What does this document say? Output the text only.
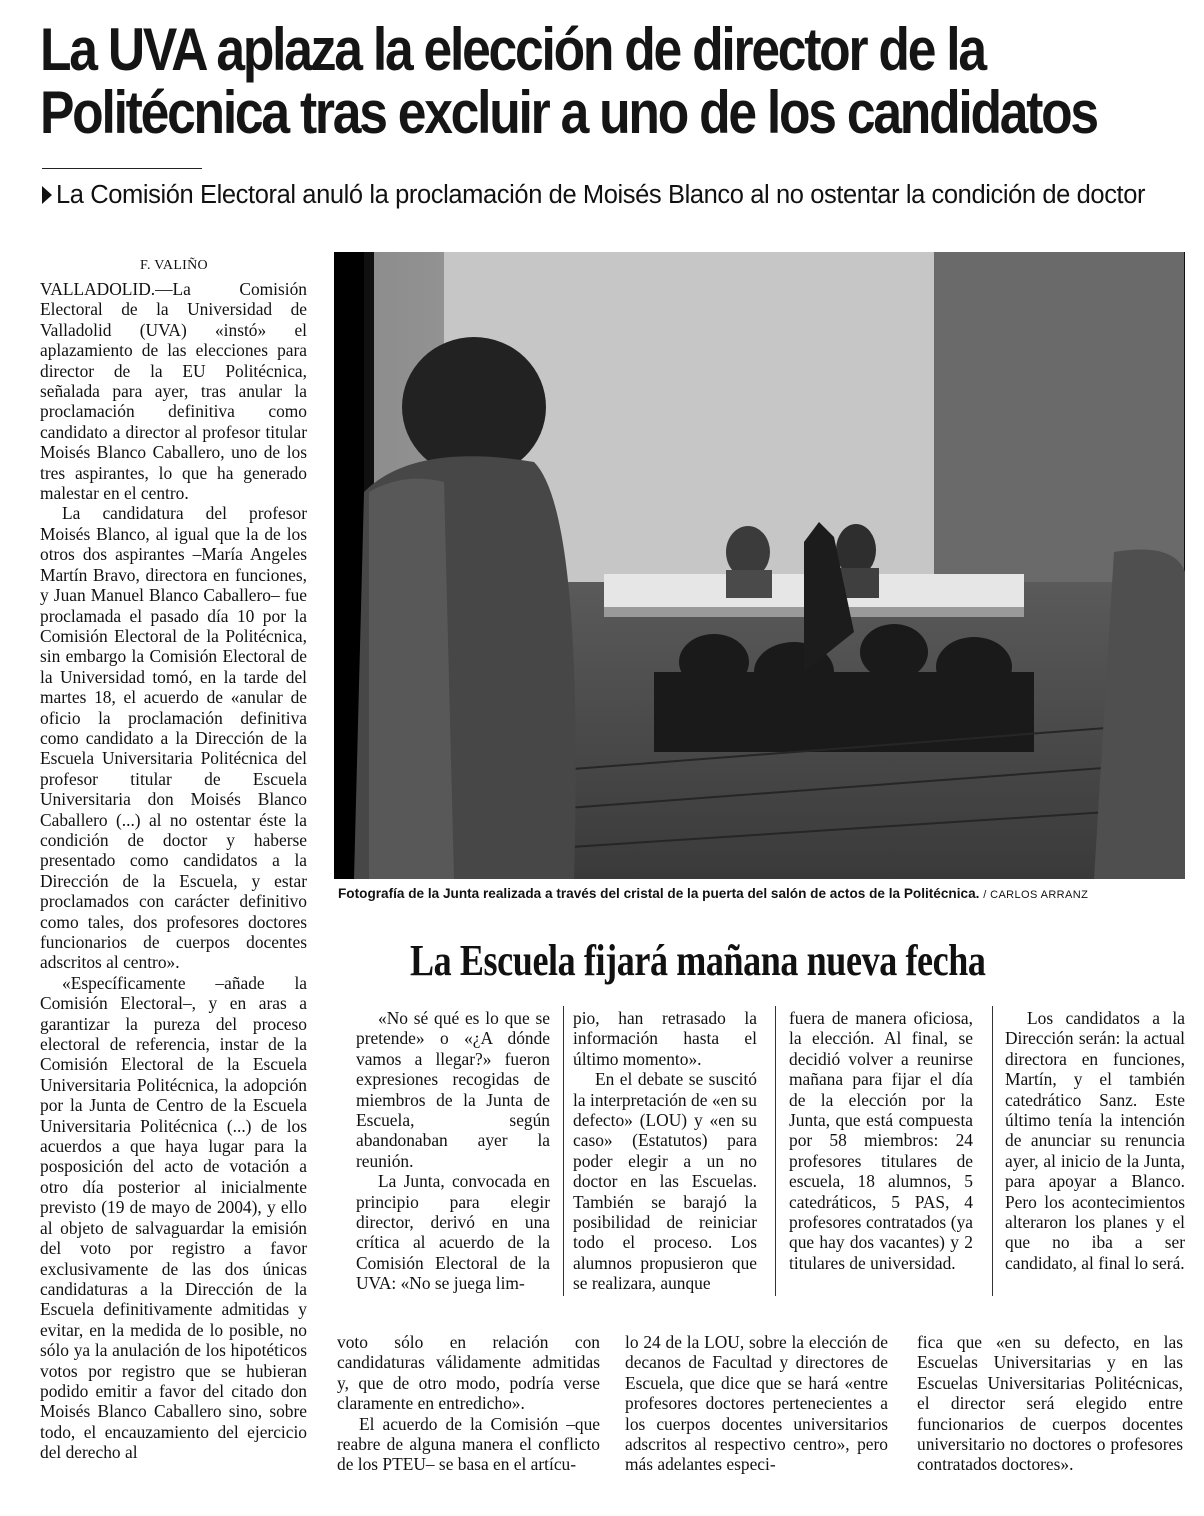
La UVA aplaza la elección de director de la
Politécnica tras excluir a uno de los candidatos
La Comisión Electoral anuló la proclamación de Moisés Blanco al no ostentar la condición de doctor
F. VALIÑO

VALLADOLID.—La Comisión Electoral de la Universidad de Valladolid (UVA) «instó» el aplazamiento de las elecciones para director de la EU Politécnica, señalada para ayer, tras anular la proclamación definitiva como candidato a director al profesor titular Moisés Blanco Caballero, uno de los tres aspirantes, lo que ha generado malestar en el centro.

La candidatura del profesor Moisés Blanco, al igual que la de los otros dos aspirantes –María Angeles Martín Bravo, directora en funciones, y Juan Manuel Blanco Caballero– fue proclamada el pasado día 10 por la Comisión Electoral de la Politécnica, sin embargo la Comisión Electoral de la Universidad tomó, en la tarde del martes 18, el acuerdo de «anular de oficio la proclamación definitiva como candidato a la Dirección de la Escuela Universitaria Politécnica del profesor titular de Escuela Universitaria don Moisés Blanco Caballero (...) al no ostentar éste la condición de doctor y haberse presentado como candidatos a la Dirección de la Escuela, y estar proclamados con carácter definitivo como tales, dos profesores doctores funcionarios de cuerpos docentes adscritos al centro».

«Específicamente –añade la Comisión Electoral–, y en aras a garantizar la pureza del proceso electoral de referencia, instar de la Comisión Electoral de la Escuela Universitaria Politécnica, la adopción por la Junta de Centro de la Escuela Universitaria Politécnica (...) de los acuerdos a que haya lugar para la posposición del acto de votación a otro día posterior al inicialmente previsto (19 de mayo de 2004), y ello al objeto de salvaguardar la emisión del voto por registro a favor exclusivamente de las dos únicas candidaturas a la Dirección de la Escuela definitivamente admitidas y evitar, en la medida de lo posible, no sólo ya la anulación de los hipotéticos votos por registro que se hubieran podido emitir a favor del citado don Moisés Blanco Caballero sino, sobre todo, el encauzamiento del ejercicio del derecho al

Fotografía de la Junta realizada a través del cristal de la puerta del salón de actos de la Politécnica. / CARLOS ARRANZ
La Escuela fijará mañana nueva fecha

«No sé qué es lo que se pretende» o «¿A dónde vamos a llegar?» fueron expresiones recogidas de miembros de la Junta de Escuela, según abandonaban ayer la reunión.

La Junta, convocada en principio para elegir director, derivó en una crítica al acuerdo de la Comisión Electoral de la UVA: «No se juega lim-

pio, han retrasado la información hasta el último momento».

En el debate se suscitó la interpretación de «en su defecto» (LOU) y «en su caso» (Estatutos) para poder elegir a un no doctor en las Escuelas. También se barajó la posibilidad de reiniciar todo el proceso. Los alumnos propusieron que se realizara, aunque

fuera de manera oficiosa, la elección. Al final, se decidió volver a reunirse mañana para fijar el día de la elección por la Junta, que está compuesta por 58 miembros: 24 profesores titulares de escuela, 18 alumnos, 5 catedráticos, 5 PAS, 4 profesores contratados (ya que hay dos vacantes) y 2 titulares de universidad.

Los candidatos a la Dirección serán: la actual directora en funciones, Martín, y el también catedrático Sanz. Este último tenía la intención de anunciar su renuncia ayer, al inicio de la Junta, para apoyar a Blanco. Pero los acontecimientos alteraron los planes y el que no iba a ser candidato, al final lo será.

voto sólo en relación con candidaturas válidamente admitidas y, que de otro modo, podría verse claramente en entredicho».

El acuerdo de la Comisión –que reabre de alguna manera el conflicto de los PTEU– se basa en el artícu-

lo 24 de la LOU, sobre la elección de decanos de Facultad y directores de Escuela, que dice que se hará «entre profesores doctores pertenecientes a los cuerpos docentes universitarios adscritos al respectivo centro», pero más adelantes especi-

fica que «en su defecto, en las Escuelas Universitarias y en las Escuelas Universitarias Politécnicas, el director será elegido entre funcionarios de cuerpos docentes universitario no doctores o profesores contratados doctores».
